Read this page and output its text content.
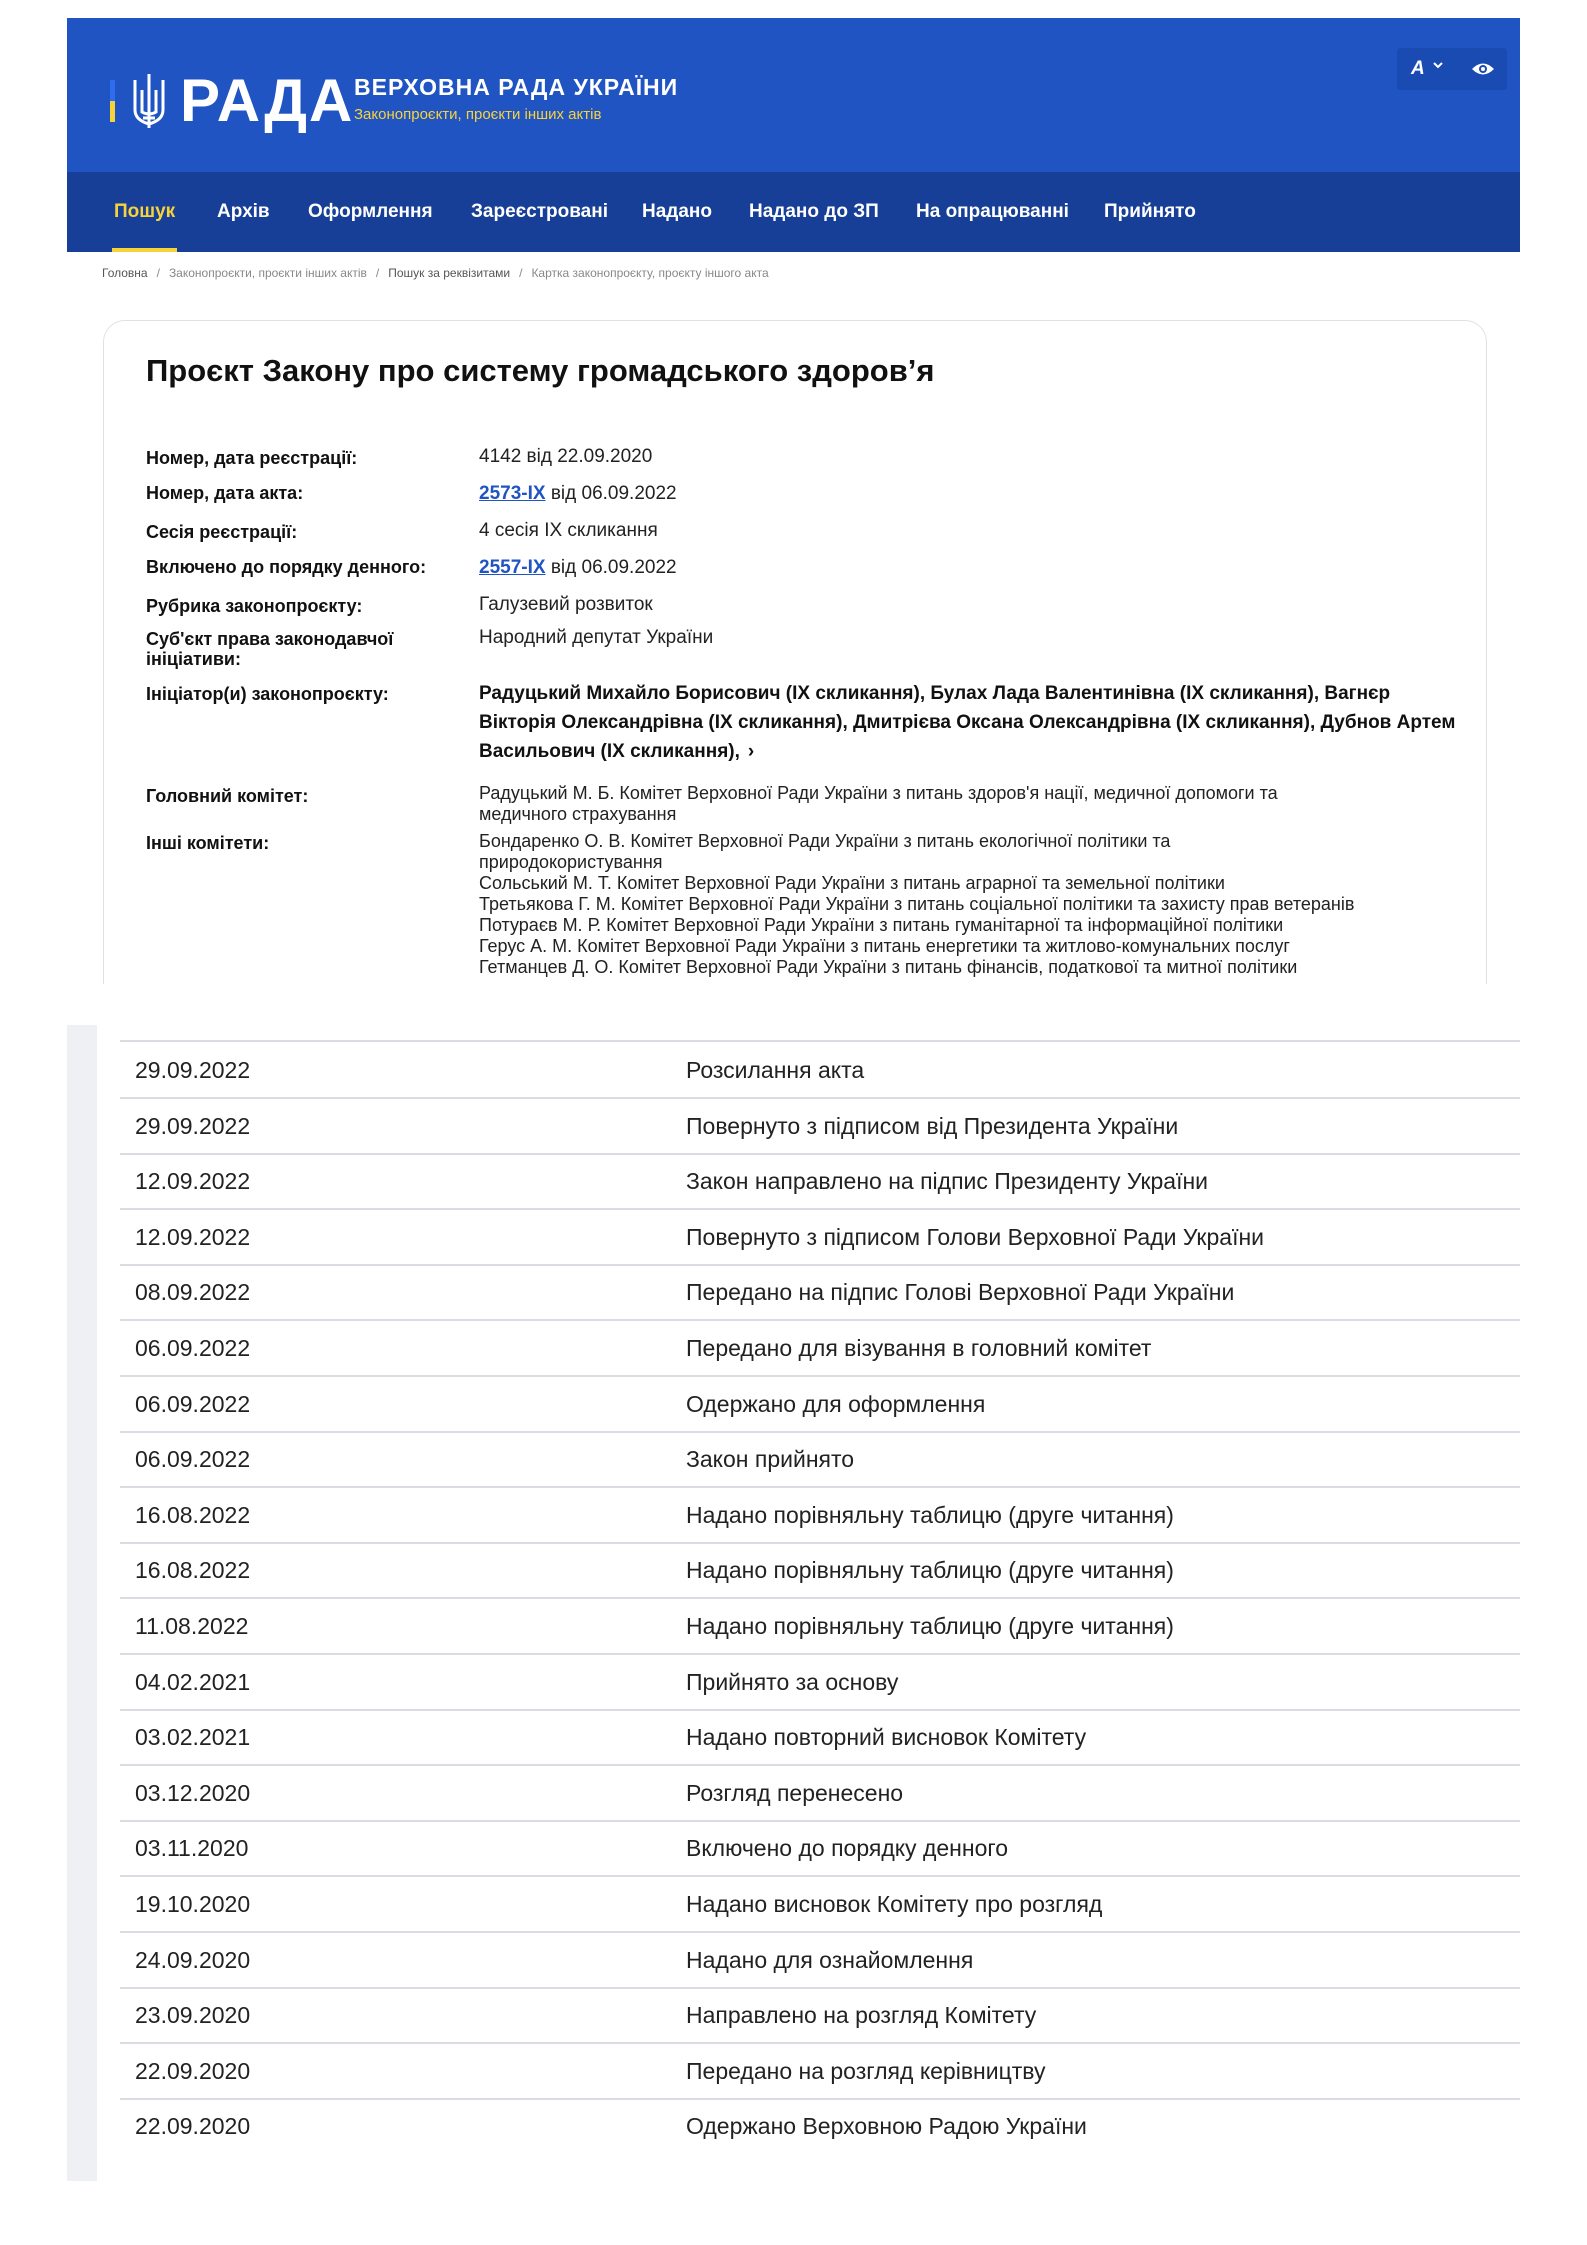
РАДА ВЕРХОВНА РАДА УКРАЇНИ
Законопроєкти, проєкти інших актів
A
Пошук Архів Оформлення Зареєстровані Надано Надано до ЗП На опрацюванні Прийнято
Головна / Законопроєкти, проєкти інших актів / Пошук за реквізитами / Картка законопроєкту, проєкту іншого акта
Проєкт Закону про систему громадського здоров’я
Номер, дата реєстрації:	4142 від 22.09.2020
Номер, дата акта:	2573-IX від 06.09.2022
Сесія реєстрації:	4 сесія IX скликання
Включено до порядку денного:	2557-IX від 06.09.2022
Рубрика законопроєкту:	Галузевий розвиток
Суб'єкт права законодавчої ініціативи:
Народний депутат України
Ініціатор(и) законопроєкту:	Радуцький Михайло Борисович (IX скликання), Булах Лада Валентинівна (IX скликання), Вагнєр Вікторія Олександрівна (IX скликання), Дмитрієва Оксана Олександрівна (IX скликання), Дубнов Артем Васильович (IX скликання), ›
Головний комітет:	Радуцький М. Б. Комітет Верховної Ради України з питань здоров'я нації, медичної допомоги та медичного страхування
Інші комітети:	Бондаренко О. В. Комітет Верховної Ради України з питань екологічної політики та природокористування
Сольський М. Т. Комітет Верховної Ради України з питань аграрної та земельної політики
Третьякова Г. М. Комітет Верховної Ради України з питань соціальної політики та захисту прав ветеранів
Потураєв М. Р. Комітет Верховної Ради України з питань гуманітарної та інформаційної політики
Герус А. М. Комітет Верховної Ради України з питань енергетики та житлово-комунальних послуг
Гетманцев Д. О. Комітет Верховної Ради України з питань фінансів, податкової та митної політики
29.09.2022	Розсилання акта
29.09.2022	Повернуто з підписом від Президента України
12.09.2022	Закон направлено на підпис Президенту України
12.09.2022	Повернуто з підписом Голови Верховної Ради України
08.09.2022	Передано на підпис Голові Верховної Ради України
06.09.2022	Передано для візування в головний комітет
06.09.2022	Одержано для оформлення
06.09.2022	Закон прийнято
16.08.2022	Надано порівняльну таблицю (друге читання)
16.08.2022	Надано порівняльну таблицю (друге читання)
11.08.2022	Надано порівняльну таблицю (друге читання)
04.02.2021	Прийнято за основу
03.02.2021	Надано повторний висновок Комітету
03.12.2020	Розгляд перенесено
03.11.2020	Включено до порядку денного
19.10.2020	Надано висновок Комітету про розгляд
24.09.2020	Надано для ознайомлення
23.09.2020	Направлено на розгляд Комітету
22.09.2020	Передано на розгляд керівництву
22.09.2020	Одержано Верховною Радою України
